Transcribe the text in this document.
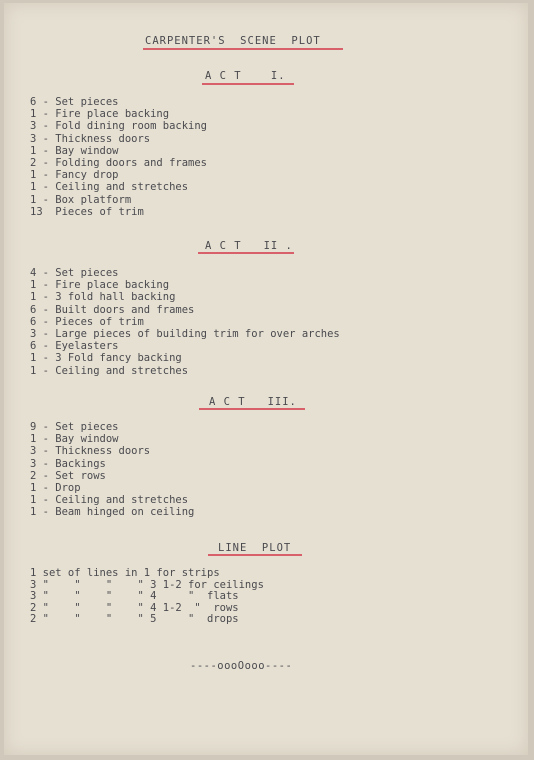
CARPENTER'S  SCENE  PLOT
A C T    I.
6 - Set pieces
1 - Fire place backing
3 - Fold dining room backing
3 - Thickness doors
1 - Bay window
2 - Folding doors and frames
1 - Fancy drop
1 - Ceiling and stretches
1 - Box platform
13  Pieces of trim
A C T   II .
4 - Set pieces
1 - Fire place backing
1 - 3 fold hall backing
6 - Built doors and frames
6 - Pieces of trim
3 - Large pieces of building trim for over arches
6 - Eyelasters
1 - 3 Fold fancy backing
1 - Ceiling and stretches
A C T   III.
9 - Set pieces
1 - Bay window
3 - Thickness doors
3 - Backings
2 - Set rows
1 - Drop
1 - Ceiling and stretches
1 - Beam hinged on ceiling
LINE  PLOT
1 set of lines in 1 for strips
3 "    "    "    " 3 1-2 for ceilings
3 "    "    "    " 4     "  flats
2 "    "    "    " 4 1-2  "  rows
2 "    "    "    " 5     "  drops
----oooOooo----
